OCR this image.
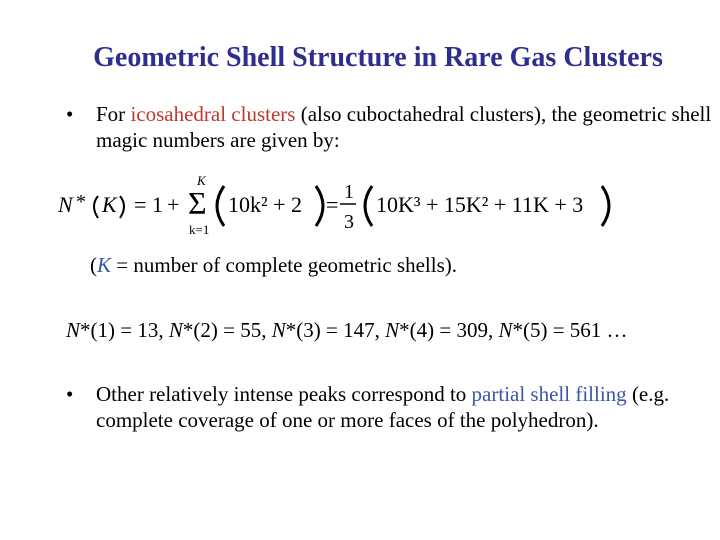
Geometric Shell Structure in Rare Gas Clusters
• For icosahedral clusters (also cuboctahedral clusters), the geometric shell magic numbers are given by:
N * K = 1 +
K
Σ
k=1
10k² + 2 = 1
3
10K³ + 15K² + 11K + 3
(K = number of complete geometric shells).
N*(1) = 13, N*(2) = 55, N*(3) = 147, N*(4) = 309, N*(5) = 561 …
• Other relatively intense peaks correspond to partial shell filling (e.g. complete coverage of one or more faces of the polyhedron).
